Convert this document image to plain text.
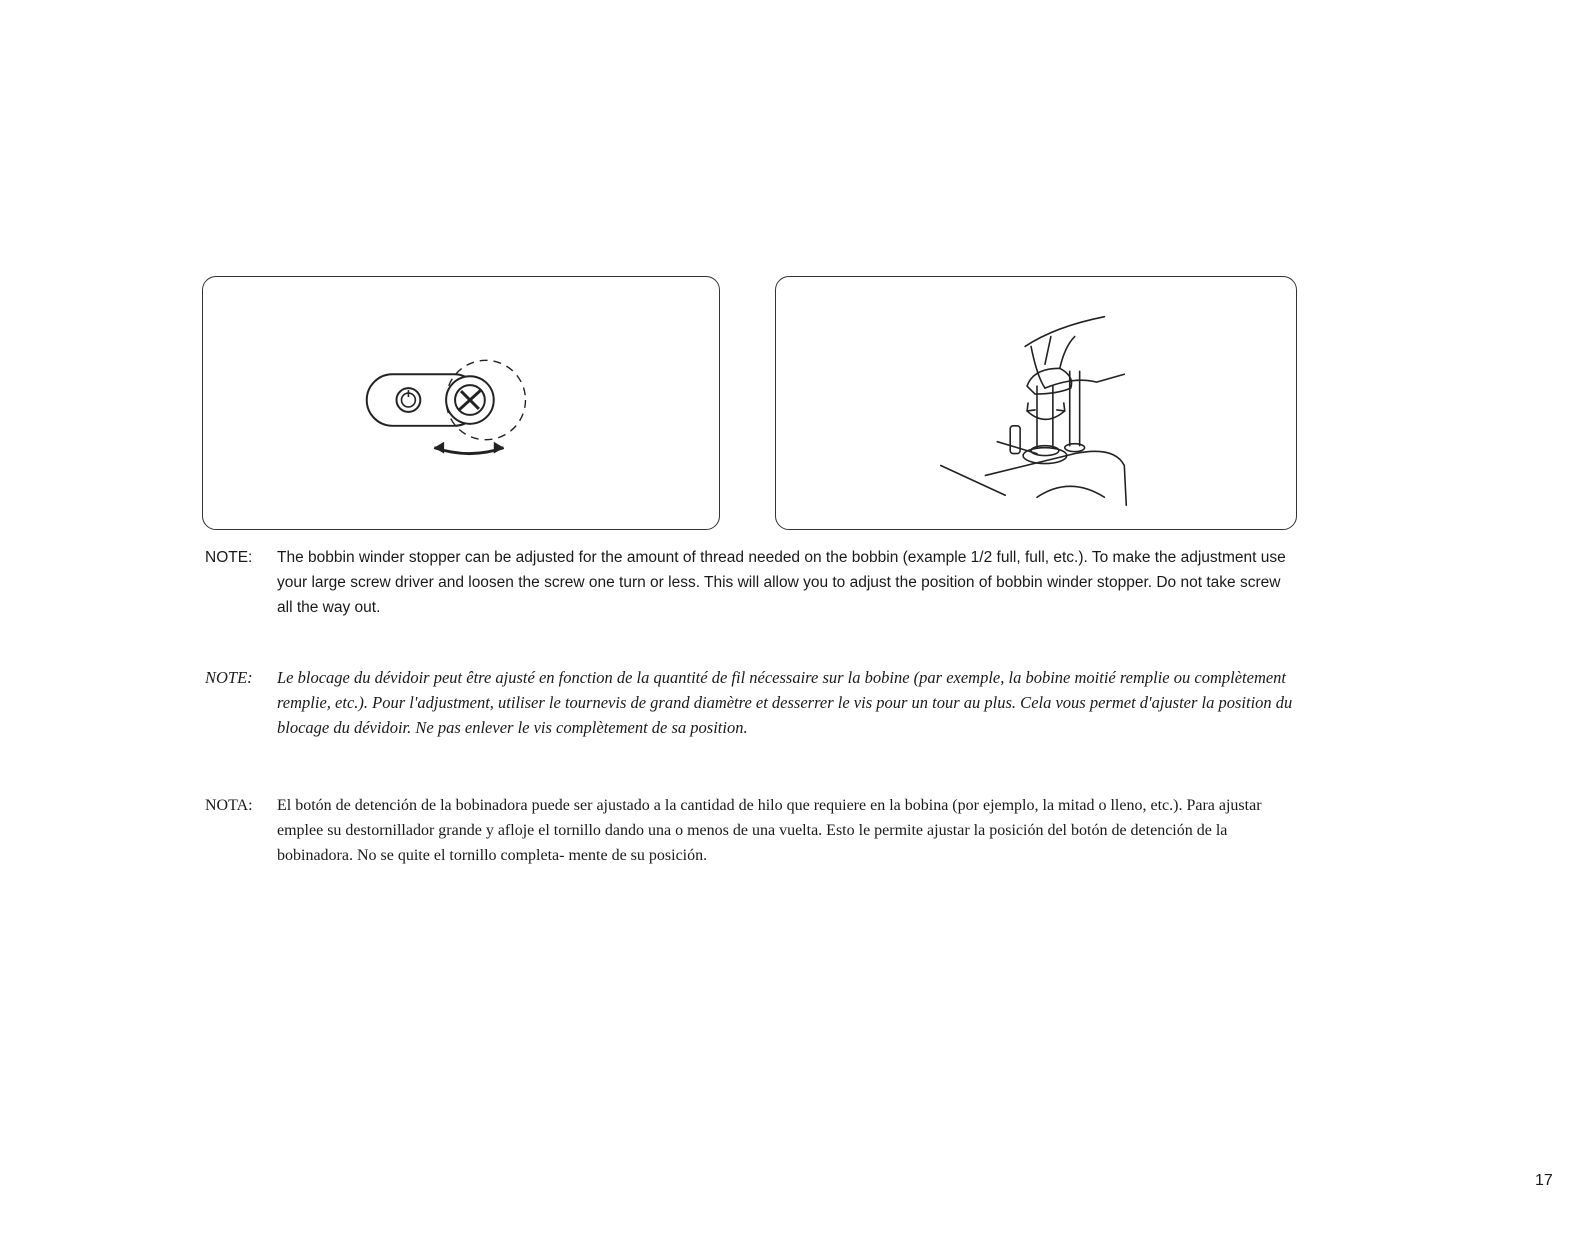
NOTE: The bobbin winder stopper can be adjusted for the amount of thread needed on the bobbin (example 1/2 full, full, etc.). To make the adjustment use your large screw driver and loosen the screw one turn or less. This will allow you to adjust the position of bobbin winder stopper. Do not take screw all the way out.
NOTE: Le blocage du dévidoir peut être ajusté en fonction de la quantité de fil nécessaire sur la bobine (par exemple, la bobine moitié remplie ou complètement remplie, etc.). Pour l'adjustment, utiliser le tournevis de grand diamètre et desserrer le vis pour un tour au plus. Cela vous permet d'ajuster la position du blocage du dévidoir. Ne pas enlever le vis complètement de sa position.
NOTA: El botón de detención de la bobinadora puede ser ajustado a la cantidad de hilo que requiere en la bobina (por ejemplo, la mitad o lleno, etc.). Para ajustar emplee su destornillador grande y afloje el tornillo dando una o menos de una vuelta. Esto le permite ajustar la posición del botón de detención de la bobinadora. No se quite el tornillo completa- mente de su posición.
17
